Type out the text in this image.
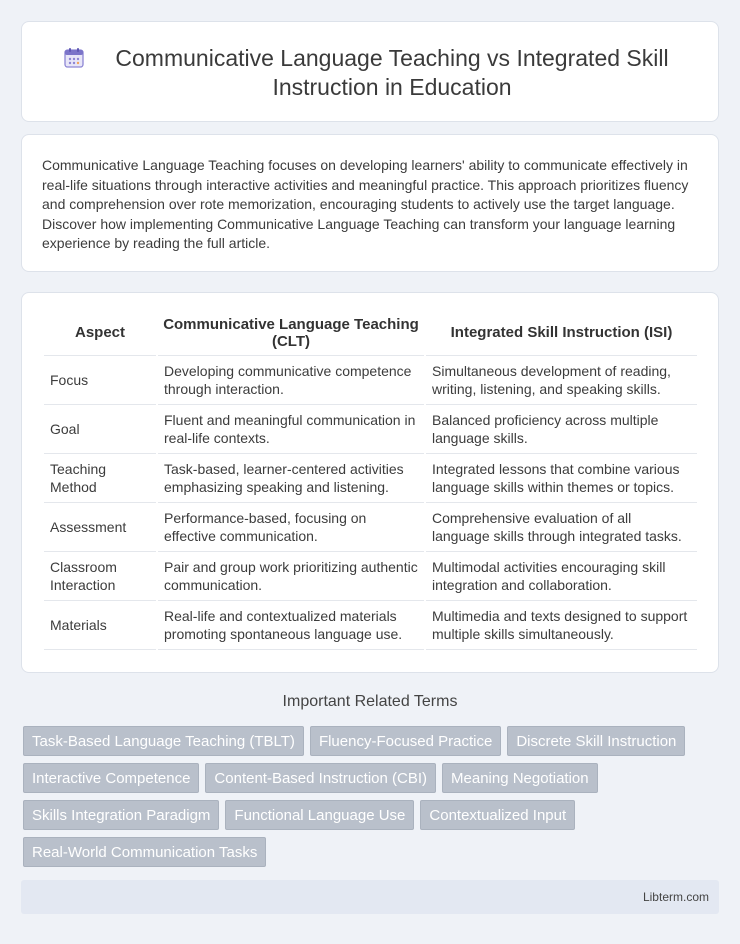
Communicative Language Teaching vs Integrated Skill Instruction in Education

Communicative Language Teaching focuses on developing learners' ability to communicate effectively in real-life situations through interactive activities and meaningful practice. This approach prioritizes fluency and comprehension over rote memorization, encouraging students to actively use the target language. Discover how implementing Communicative Language Teaching can transform your language learning experience by reading the full article.

Aspect	Communicative Language Teaching (CLT)	Integrated Skill Instruction (ISI)
Focus	Developing communicative competence through interaction.	Simultaneous development of reading, writing, listening, and speaking skills.
Goal	Fluent and meaningful communication in real-life contexts.	Balanced proficiency across multiple language skills.
Teaching Method	Task-based, learner-centered activities emphasizing speaking and listening.	Integrated lessons that combine various language skills within themes or topics.
Assessment	Performance-based, focusing on effective communication.	Comprehensive evaluation of all language skills through integrated tasks.
Classroom Interaction	Pair and group work prioritizing authentic communication.	Multimodal activities encouraging skill integration and collaboration.
Materials	Real-life and contextualized materials promoting spontaneous language use.	Multimedia and texts designed to support multiple skills simultaneously.
Important Related Terms
Task-Based Language Teaching (TBLT)	Fluency-Focused Practice	Discrete Skill Instruction
Interactive Competence	Content-Based Instruction (CBI)	Meaning Negotiation
Skills Integration Paradigm	Functional Language Use	Contextualized Input
Real-World Communication Tasks
Libterm.com
